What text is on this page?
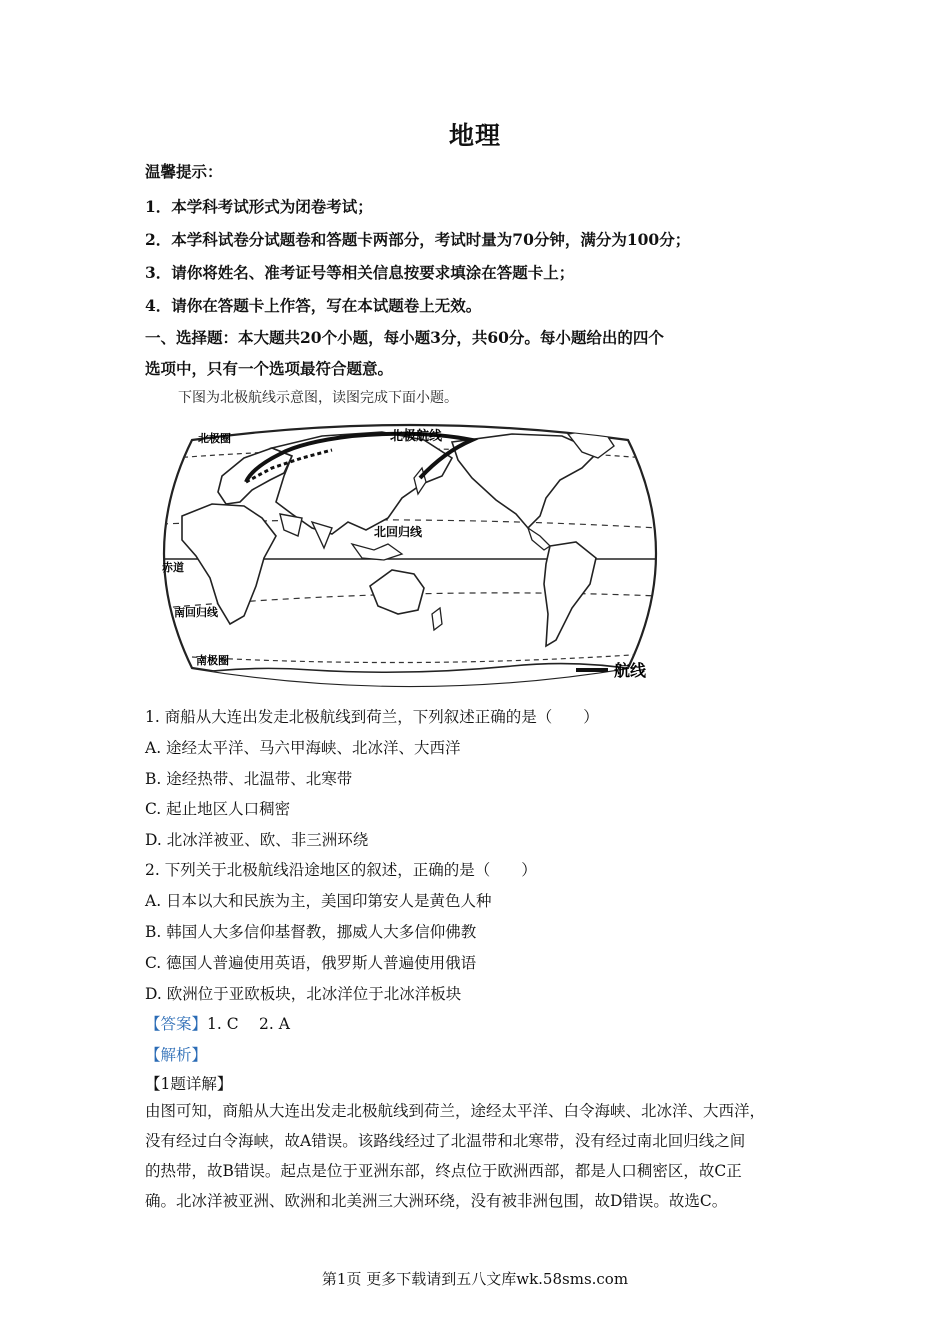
地理
温馨提示：
1．本学科考试形式为闭卷考试；
2．本学科试卷分试题卷和答题卡两部分，考试时量为70分钟，满分为100分；
3．请你将姓名、准考证号等相关信息按要求填涂在答题卡上；
4．请你在答题卡上作答，写在本试题卷上无效。
一、选择题：本大题共20个小题，每小题3分，共60分。每小题给出的四个
选项中，只有一个选项最符合题意。
下图为北极航线示意图，读图完成下面小题。
北极圈	北极航线
北回归线
赤道
南回归线
南极圈
航线
1. 商船从大连出发走北极航线到荷兰，下列叙述正确的是（　　）
A. 途经太平洋、马六甲海峡、北冰洋、大西洋
B. 途经热带、北温带、北寒带
C. 起止地区人口稠密
D. 北冰洋被亚、欧、非三洲环绕
2. 下列关于北极航线沿途地区的叙述，正确的是（　　）
A. 日本以大和民族为主，美国印第安人是黄色人种
B. 韩国人大多信仰基督教，挪威人大多信仰佛教
C. 德国人普遍使用英语，俄罗斯人普遍使用俄语
D. 欧洲位于亚欧板块，北冰洋位于北冰洋板块
【答案】1. C　 2. A
【解析】
【1题详解】
由图可知，商船从大连出发走北极航线到荷兰，途经太平洋、白令海峡、北冰洋、大西洋，
没有经过白令海峡，故A错误。该路线经过了北温带和北寒带，没有经过南北回归线之间
的热带，故B错误。起点是位于亚洲东部，终点位于欧洲西部，都是人口稠密区，故C正
确。北冰洋被亚洲、欧洲和北美洲三大洲环绕，没有被非洲包围，故D错误。故选C。
第1页 更多下载请到五八文库wk.58sms.com
